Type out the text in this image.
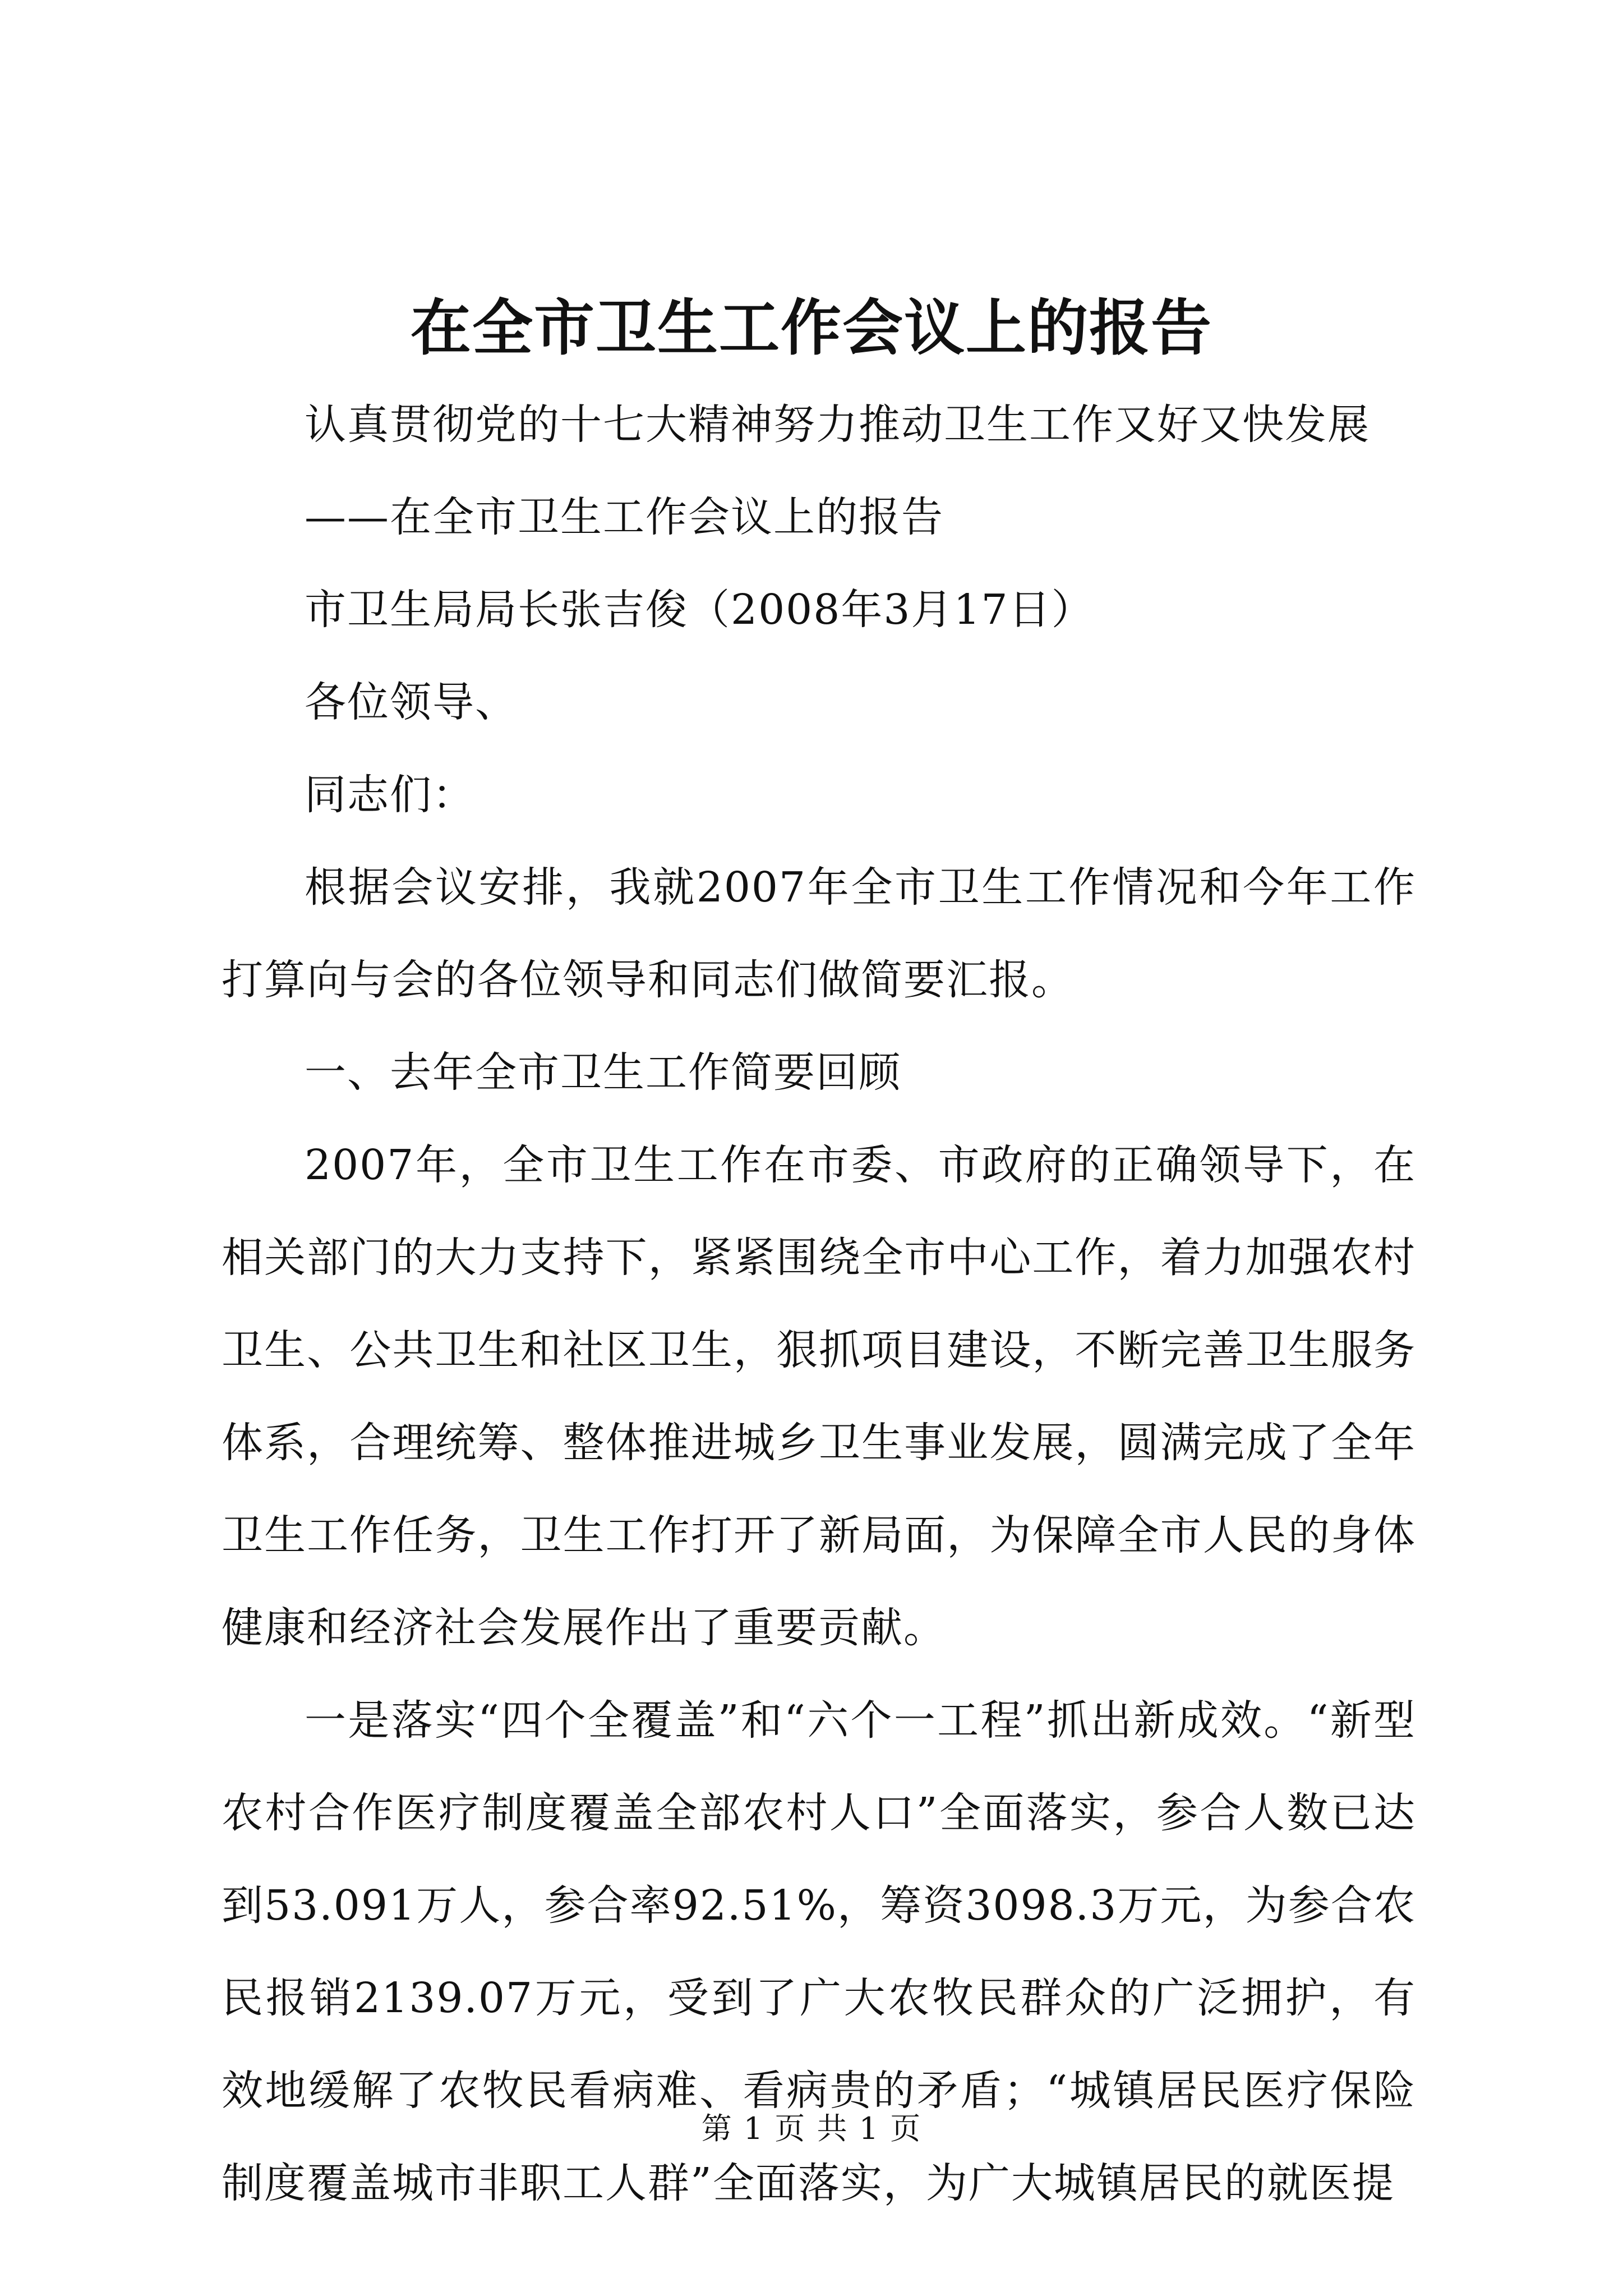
在全市卫生工作会议上的报告

认真贯彻党的十七大精神努力推动卫生工作又好又快发展

——在全市卫生工作会议上的报告

市卫生局局长张吉俊（2008年3月17日）

各位领导、

同志们：

根据会议安排，我就2007年全市卫生工作情况和今年工作打算向与会的各位领导和同志们做简要汇报。

一、去年全市卫生工作简要回顾

2007年，全市卫生工作在市委、市政府的正确领导下，在相关部门的大力支持下，紧紧围绕全市中心工作，着力加强农村卫生、公共卫生和社区卫生，狠抓项目建设，不断完善卫生服务体系，合理统筹、整体推进城乡卫生事业发展，圆满完成了全年卫生工作任务，卫生工作打开了新局面，为保障全市人民的身体健康和经济社会发展作出了重要贡献。

一是落实“四个全覆盖”和“六个一工程”抓出新成效。“新型农村合作医疗制度覆盖全部农村人口”全面落实，参合人数已达到53.091万人，参合率92.51%，筹资3098.3万元，为参合农民报销2139.07万元，受到了广大农牧民群众的广泛拥护，有效地缓解了农牧民看病难、看病贵的矛盾；“城镇居民医疗保险制度覆盖城市非职工人群”全面落实，为广大城镇居民的就医提

第 1 页 共 1 页
